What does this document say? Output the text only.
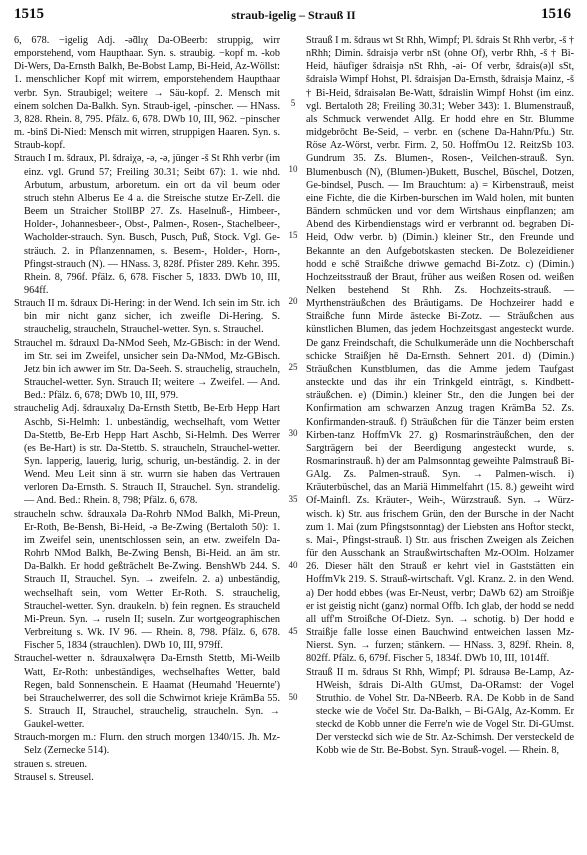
1515	straub-igelig – Strauß II	1516

6, 678. −igelig Adj. -ǝ̃ḋlıχ Da-OBeerb: struppig, wirr emporstehend, vom Haupthaar. Syn. s. straubig. −kopf m. -kob Di-Wers, Da-Ernsth Balkh, Be-Bobst Lamp, Bi-Heid, Az-Wöllst: 1. menschlicher Kopf mit wirrem, emporstehendem Haupthaar verbr. Syn. Straubigel; weitere → Säu-kopf. 2. Mensch mit einem solchen Da-Balkh. Syn. Straub-igel, -pinscher. — HNass. 3, 828. Rhein. 8, 795. Pfälz. 6, 678. DWb 10, III, 962. −pinscher m. -binš Di-Nied: Mensch mit wirren, struppigen Haaren. Syn. s. Straub-kopf.

Strauch I m. šdraux, Pl. šdraiχǝ, -ǝ, -ǝ, jünger -š St Rhh verbr (im einz. vgl. Grund 57; Freiling 30.31; Seibt 67): 1. wie nhd. Arbutum, arbustum, arboretum. ein ort da vil beum oder struch stehn Alberus Ee 4 a. die Streische stutze Er-Zell. die Beem un Straicher StollBP 27. Zs. Haselnuß-, Himbeer-, Holder-, Johannesbeer-, Obst-, Palmen-, Rosen-, Stachelbeer-, Wacholder-strauch. Syn. Busch, Pusch, Puß, Stock. Vgl. Ge-sträuch. 2. in Pflanzennamen, s. Besem-, Holder-, Horn-, Pfingst-strauch (N). — HNass. 3, 828f. Pfister 289. Kehr. 395. Rhein. 8, 796f. Pfälz. 6, 678. Fischer 5, 1833. DWb 10, III, 964ff.

Strauch II m. šdraux Di-Hering: in der Wend. Ich sein im Str. ich bin mir nicht ganz sicher, ich zweifle Di-Hering. S. strauchelig, straucheln, Strauchel-wetter. Syn. s. Strauchel.

Strauchel m. šdrauxl Da-NMod Seeh, Mz-GBisch: in der Wend. im Str. sei im Zweifel, unsicher sein Da-NMod, Mz-GBisch. Jetz bin ich awwer im Str. Da-Seeh. S. strauchelig, straucheln, Strauchel-wetter. Syn. Strauch II; weitere → Zweifel. — And. Bed.: Pfälz. 6, 678; DWb 10, III, 979.

strauchelig Adj. šdrauxǝlıχ Da-Ernsth Stettb, Be-Erb Hepp Hart Aschb, Si-Helmh: 1. unbeständig, wechselhaft, vom Wetter Da-Stettb, Be-Erb Hepp Hart Aschb, Si-Helmh. Des Werrer (es Be-Hart) is str. Da-Stettb. S. straucheln, Strauchel-wetter. Syn. lapperig, lauerig, lurig, schurig, un-beständig. 2. in der Wend. Meu Leit sinn ä str. wurrn sie haben das Vertrauen verloren Da-Ernsth. S. Strauch II, Strauchel. Syn. strandelig. — And. Bed.: Rhein. 8, 798; Pfälz. 6, 678.

straucheln schw. šdrauxǝlǝ Da-Rohrb NMod Balkh, Mi-Preun, Er-Roth, Be-Bensh, Bi-Heid, -ǝ Be-Zwing (Bertaloth 50): 1. im Zweifel sein, unentschlossen sein, an etw. zweifeln Da-Rohrb NMod Balkh, Be-Zwing Bensh, Bi-Heid. an äm str. Da-Balkh. Er hodd geßtrāchelt Be-Zwing. BenshWb 244. S. Strauch II, Strauchel. Syn. → zweifeln. 2. a) unbeständig, wechselhaft sein, vom Wetter Er-Roth. S. strauchelig, Strauchel-wetter. Syn. draukeln. b) fein regnen. Es straucheld Mi-Preun. Syn. → ruseln II; suseln. Zur wortgeographischen Verbreitung s. Wk. IV 96. — Rhein. 8, 798. Pfälz. 6, 678. Fischer 5, 1834 (strauchlen). DWb 10, III, 979ff.

Strauchel-wetter n. šdrauxǝlwęrǝ Da-Ernsth Stettb, Mi-Weilb Watt, Er-Roth: unbeständiges, wechselhaftes Wetter, bald Regen, bald Sonnenschein. E Haamat (Heumahd 'Heuernte') bei Strauchelwerrer, des soll die Schwirnot krieje KrämBa 55. S. Strauch II, Strauchel, strauchelig, straucheln. Syn. → Gaukel-wetter.

Strauch-morgen m.: Flurn. den struch morgen 1340/15. Jh. Mz-Selz (Zernecke 514).

strauen s. streuen.

Strausel s. Streusel.

5
10
15
20
25
30
35
40
45
50

Strauß I m. šdraus wt St Rhh, Wimpf; Pl. šdrais St Rhh verbr, -š † nRhh; Dimin. šdraisjǝ verbr nSt (ohne Of), verbr Rhh, -š † Bi-Heid, häufiger šdraisjǝ nSt Rhh, -ǝi- Of verbr, šdrais(ǝ)l sSt, šdraislǝ Wimpf Hohst, Pl. šdraisjǝn Da-Ernsth, šdraisjǝ Mainz, -š † Bi-Heid, šdraisǝlǝn Be-Watt, šdraislin Wimpf Hohst (im einz. vgl. Bertaloth 28; Freiling 30.31; Weber 343): 1. Blumenstrauß, als Schmuck verwendet Allg. Er hodd ehre en Str. Blumme midgebrōcht Be-Seid, – verbr. en (schene Da-Hahn/Pfu.) Str. Röse Az-Wörst, verbr. Firm. 2, 50. HoffmOu 12. ReitzSb 103. Gundrum 35. Zs. Blumen-, Rosen-, Veilchen-strauß. Syn. Blumenbusch (N), (Blumen-)Bukett, Buschel, Büschel, Dotzen, Ge-bindsel, Pusch. — Im Brauchtum: a) = Kirbenstrauß, meist eine Fichte, die die Kirben-burschen im Wald holen, mit bunten Bändern schmücken und vor dem Wirtshaus einpflanzen; am Abend des Kirbendienstags wird er verbrannt od. begraben Di-Heid, Odw verbr. b) (Dimin.) kleiner Str., den Freunde und Bekannte an den Aufgebotskasten stecken. De Bolezeidiener hodd e schē Straißche driwwe gemachd Bi-Zotz. c) (Dimin.) Hochzeitsstrauß der Braut, früher aus weißen Rosen od. weißen Nelken bestehend St Rhh. Zs. Hochzeits-strauß. — Myrthensträußchen des Bräutigams. De Hochzeirer hadd e Straißche funn Mirde āstecke Bi-Zotz. — Sträußchen aus künstlichen Blumen, das jedem Hochzeitsgast angesteckt wurde. De ganz Freindschaft, die Schulkumeräde unn die Nochberschaft schicke Straißjen hē Da-Ernsth. Sehnert 201. d) (Dimin.) Sträußchen Kunstblumen, das die Amme jedem Taufgast ansteckte und das ihr ein Trinkgeld einträgt, s. Kindbett-sträußchen. e) (Dimin.) kleiner Str., den die Jungen bei der Konfirmation am schwarzen Anzug tragen KrämBa 52. Zs. Konfirmanden-strauß. f) Sträußchen für die Tänzer beim ersten Kirben-tanz HoffmVk 27. g) Rosmarinsträußchen, den der Sargträgern bei der Beerdigung angesteckt wurde, s. Rosmarinstrauß. h) der am Palmsonntag geweihte Palmstrauß Bi-GAlg. Zs. Palmen-strauß. Syn. → Palmen-wisch. i) Kräuterbüschel, das an Mariä Himmelfahrt (15. 8.) geweiht wird Of-Mainfl. Zs. Kräuter-, Weih-, Würzstrauß. Syn. → Würz-wisch. k) Str. aus frischem Grün, den der Bursche in der Nacht zum 1. Mai (zum Pfingstsonntag) der Liebsten ans Hoftor steckt, s. Mai-, Pfingst-strauß. l) Str. aus frischen Zweigen als Zeichen für den Ausschank an Straußwirtschaften Mz-OOlm. Holzamer 26. Dieser hält den Strauß er kehrt viel in Gaststätten ein HoffmVk 219. S. Strauß-wirtschaft. Vgl. Kranz. 2. in den Wend. a) Der hodd ebbes (was Er-Neust, verbr; DaWb 62) am Stroißje er ist geistig nicht (ganz) normal Offb. Ich glab, der hodd se nedd all uff'm Stroißche Of-Dietz. Syn. → schotig. b) Der hodd e Straißje falle losse einen Bauchwind entweichen lassen Mz-Nierst. Syn. → furzen; stänkern. — HNass. 3, 829f. Rhein. 8, 802ff. Pfälz. 6, 679f. Fischer 5, 1834f. DWb 10, III, 1014ff.

Strauß II m. šdraus St Rhh, Wimpf; Pl. šdrausǝ Be-Lamp, Az-HWeish, šdrais Di-Alth GUmst, Da-ORamst: der Vogel Struthio. de Vohel Str. Da-NBeerb. RA. De Kobb in de Sand stecke wie de Vočel Str. Da-Balkh, – Bi-GAlg, Az-Komm. Er steckd de Kobb unner die Ferre'n wie de Vogel Str. Di-GUmst. Der versteckd sich wie de Str. Az-Schimsh. Der versteckeld de Kobb wie de Str. Be-Bobst. Syn. Strauß-vogel. — Rhein. 8,
